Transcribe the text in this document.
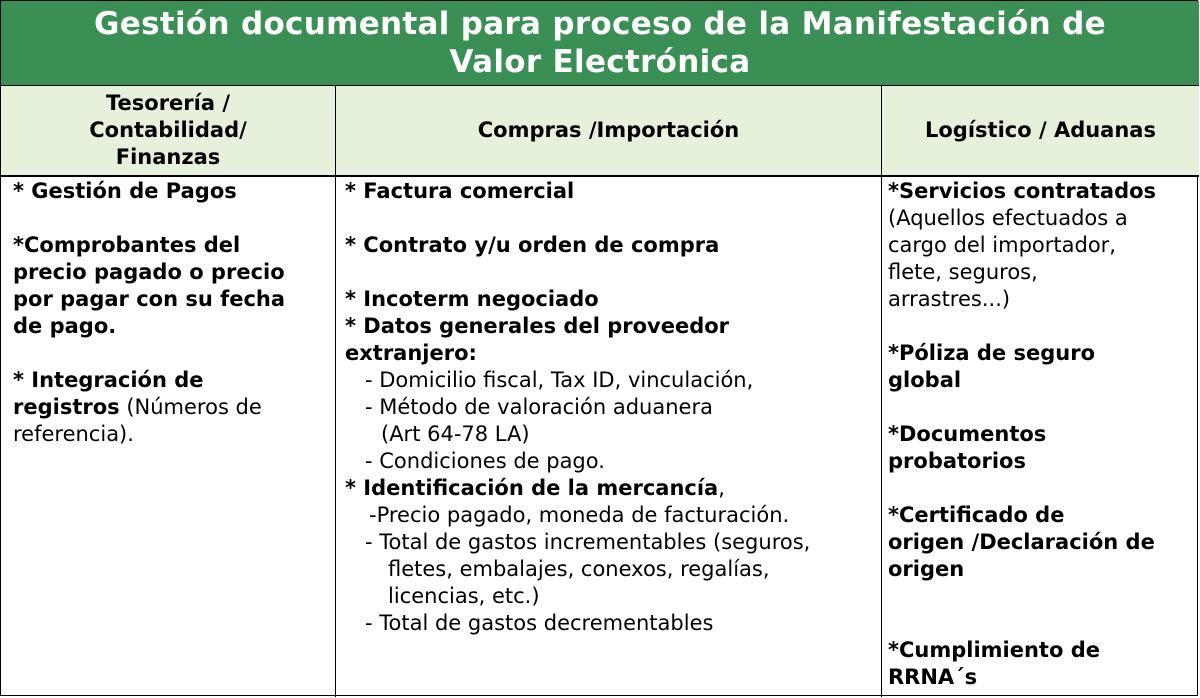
Gestión documental para proceso de la Manifestación de
Valor Electrónica
Tesorería /
Contabilidad/
Finanzas
Compras /Importación	Logístico / Aduanas

* Gestión de Pagos

*Comprobantes del

precio pagado o precio

por pagar con su fecha

de pago.

* Integración de

registros (Números de

referencia).

* Factura comercial

* Contrato y/u orden de compra

* Incoterm negociado

* Datos generales del proveedor

extranjero:

- Domicilio fiscal, Tax ID, vinculación,

- Método de valoración aduanera

(Art 64-78 LA)

- Condiciones de pago.

* Identificación de la mercancía,

-Precio pagado, moneda de facturación.

- Total de gastos incrementables (seguros,

fletes, embalajes, conexos, regalías,

licencias, etc.)

- Total de gastos decrementables

*Servicios contratados

(Aquellos efectuados a

cargo del importador,

flete, seguros,

arrastres...)

*Póliza de seguro

global

*Documentos

probatorios

*Certificado de

origen /Declaración de

origen

*Cumplimiento de

RRNA´s
